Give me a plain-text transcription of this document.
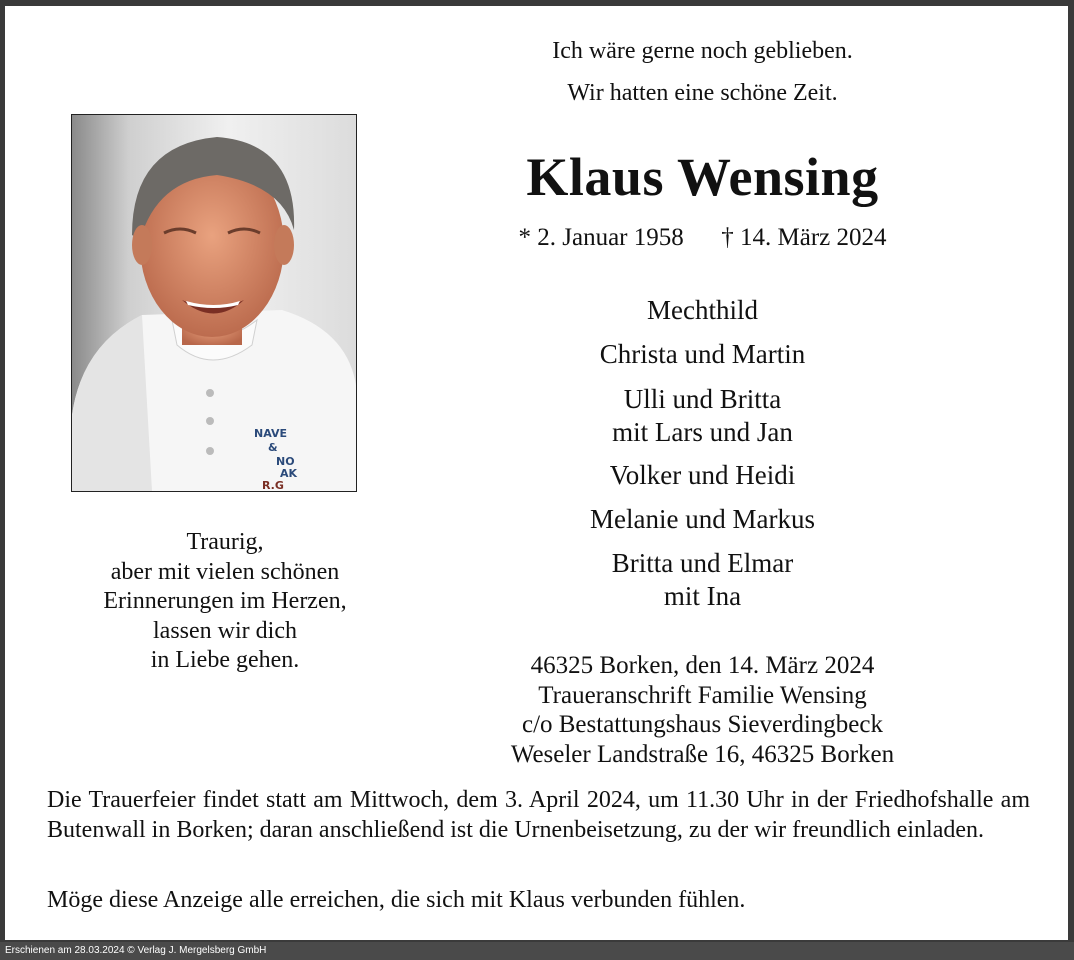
Ich wäre gerne noch geblieben.
Wir hatten eine schöne Zeit.
Klaus Wensing
* 2. Januar 1958      † 14. März 2024
NAVE
&
NO
AK
R.G
Traurig,
aber mit vielen schönen
Erinnerungen im Herzen,
lassen wir dich
in Liebe gehen.
Mechthild
Christa und Martin
Ulli und Britta
mit Lars und Jan
Volker und Heidi
Melanie und Markus
Britta und Elmar
mit Ina
46325 Borken, den 14. März 2024
Traueranschrift Familie Wensing
c/o Bestattungshaus Sieverdingbeck
Weseler Landstraße 16, 46325 Borken
Die Trauerfeier findet statt am Mittwoch, dem 3. April 2024, um 11.30 Uhr in der Friedhofshalle am Butenwall in Borken; daran anschließend ist die Urnenbeisetzung, zu der wir freundlich einladen.
Möge diese Anzeige alle erreichen, die sich mit Klaus verbunden fühlen.
Erschienen am 28.03.2024 © Verlag J. Mergelsberg GmbH
